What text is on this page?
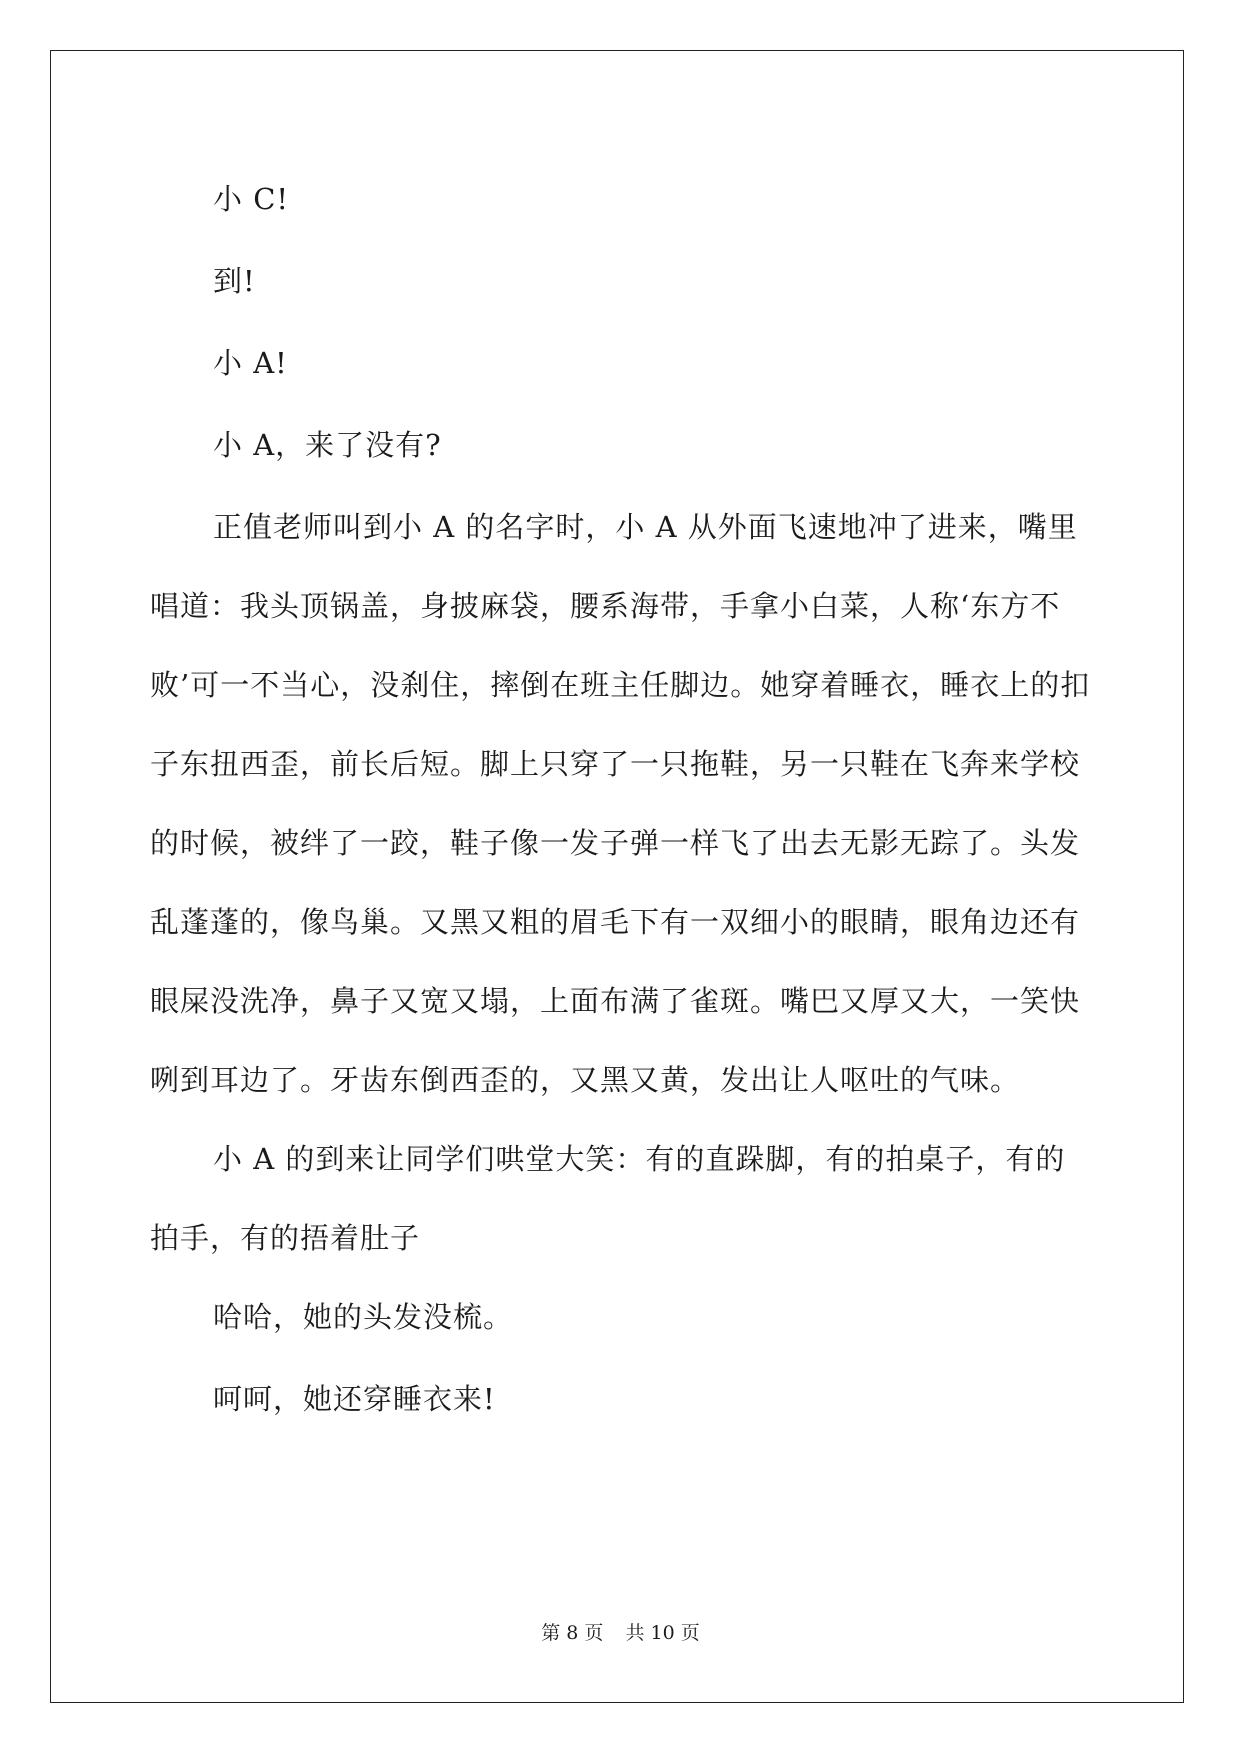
小 C!

到!

小 A!

小 A，来了没有?

正值老师叫到小 A 的名字时，小 A 从外面飞速地冲了进来，嘴里唱道：我头顶锅盖，身披麻袋，腰系海带，手拿小白菜，人称‘东方不败’可一不当心，没刹住，摔倒在班主任脚边。她穿着睡衣，睡衣上的扣子东扭西歪，前长后短。脚上只穿了一只拖鞋，另一只鞋在飞奔来学校的时候，被绊了一跤，鞋子像一发子弹一样飞了出去无影无踪了。头发乱蓬蓬的，像鸟巢。又黑又粗的眉毛下有一双细小的眼睛，眼角边还有眼屎没洗净，鼻子又宽又塌，上面布满了雀斑。嘴巴又厚又大，一笑快咧到耳边了。牙齿东倒西歪的，又黑又黄，发出让人呕吐的气味。

小 A 的到来让同学们哄堂大笑：有的直跺脚，有的拍桌子，有的拍手，有的捂着肚子

哈哈，她的头发没梳。

呵呵，她还穿睡衣来!

第 8 页 共 10 页
